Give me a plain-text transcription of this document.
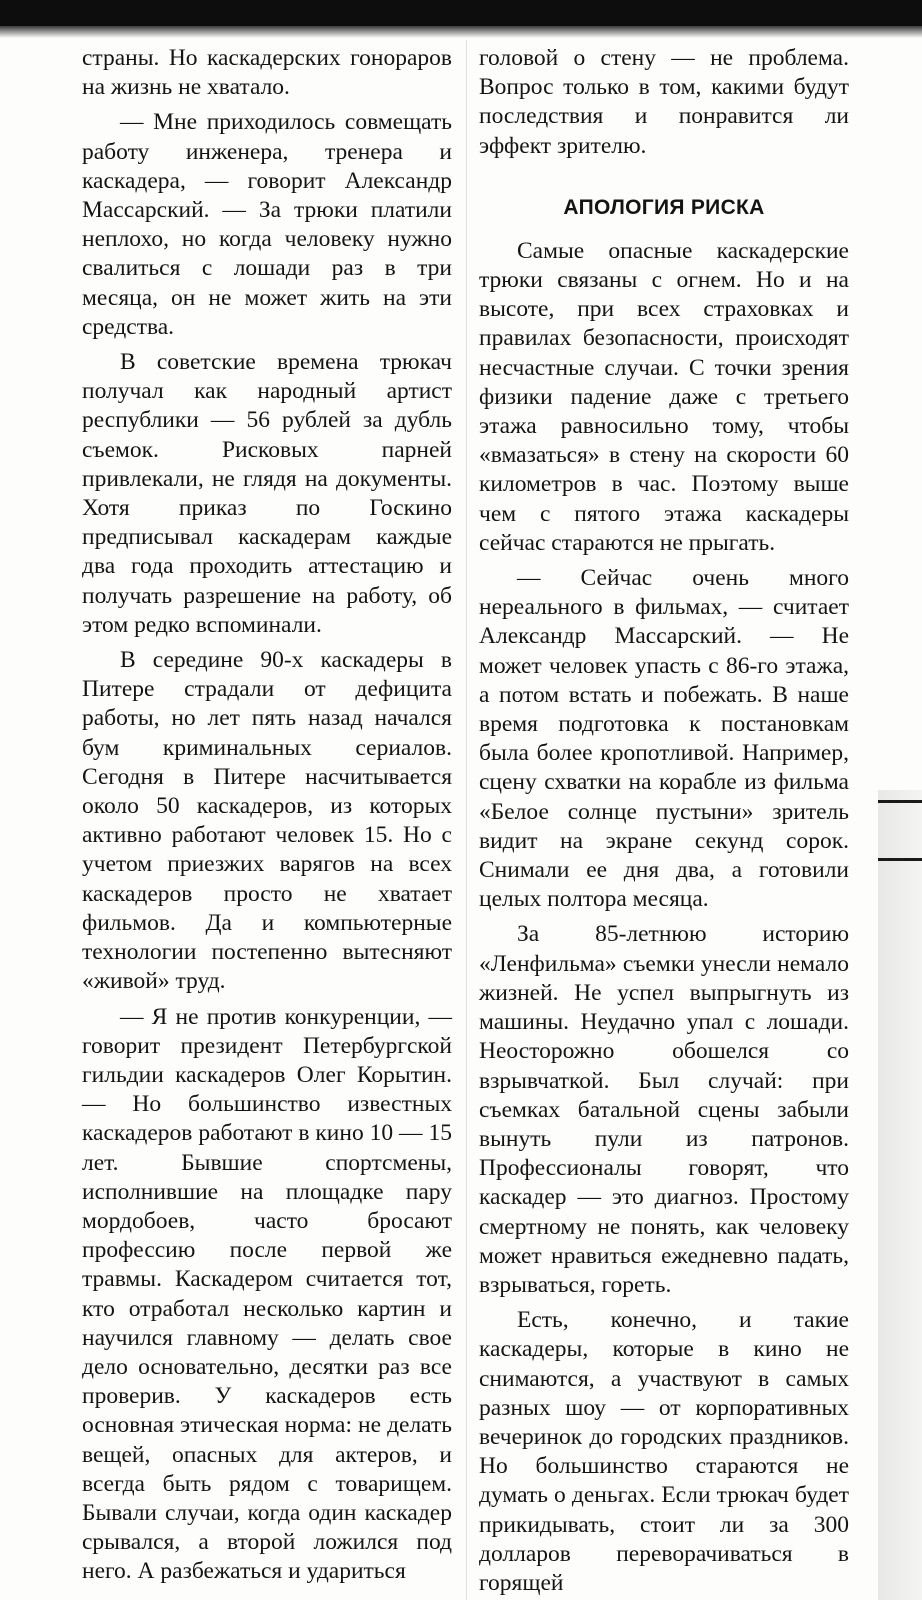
страны. Но каскадерских гонораров на жизнь не хватало.

— Мне приходилось совмещать работу инженера, тренера и каскадера, — говорит Александр Массарский. — За трюки платили неплохо, но когда человеку нужно свалиться с лошади раз в три месяца, он не может жить на эти средства.

В советские времена трюкач получал как народный артист республики — 56 рублей за дубль съемок. Рисковых парней привлекали, не глядя на документы. Хотя приказ по Госкино предписывал каскадерам каждые два года проходить аттестацию и получать разрешение на работу, об этом редко вспоминали.

В середине 90-х каскадеры в Питере страдали от дефицита работы, но лет пять назад начался бум криминальных сериалов. Сегодня в Питере насчитывается около 50 каскадеров, из которых активно работают человек 15. Но с учетом приезжих варягов на всех каскадеров просто не хватает фильмов. Да и компьютерные технологии постепенно вытесняют «живой» труд.

— Я не против конкуренции, — говорит президент Петербургской гильдии каскадеров Олег Корытин. — Но большинство известных каскадеров работают в кино 10 — 15 лет. Бывшие спортсмены, исполнившие на площадке пару мордобоев, часто бросают профессию после первой же травмы. Каскадером считается тот, кто отработал несколько картин и научился главному — делать свое дело основательно, десятки раз все проверив. У каскадеров есть основная этическая норма: не делать вещей, опасных для актеров, и всегда быть рядом с товарищем. Бывали случаи, когда один каскадер срывался, а второй ложился под него. А разбежаться и удариться

головой о стену — не проблема. Вопрос только в том, какими будут последствия и понравится ли эффект зрителю.

АПОЛОГИЯ РИСКА

Самые опасные каскадерские трюки связаны с огнем. Но и на высоте, при всех страховках и правилах безопасности, происходят несчастные случаи. С точки зрения физики падение даже с третьего этажа равносильно тому, чтобы «вмазаться» в стену на скорости 60 километров в час. Поэтому выше чем с пятого этажа каскадеры сейчас стараются не прыгать.

— Сейчас очень много нереального в фильмах, — считает Александр Массарский. — Не может человек упасть с 86-го этажа, а потом встать и побежать. В наше время подготовка к постановкам была более кропотливой. Например, сцену схватки на корабле из фильма «Белое солнце пустыни» зритель видит на экране секунд сорок. Снимали ее дня два, а готовили целых полтора месяца.

За 85-летнюю историю «Ленфильма» съемки унесли немало жизней. Не успел выпрыгнуть из машины. Неудачно упал с лошади. Неосторожно обошелся со взрывчаткой. Был случай: при съемках батальной сцены забыли вынуть пули из патронов. Профессионалы говорят, что каскадер — это диагноз. Простому смертному не понять, как человеку может нравиться ежедневно падать, взрываться, гореть.

Есть, конечно, и такие каскадеры, которые в кино не снимаются, а участвуют в самых разных шоу — от корпоративных вечеринок до городских праздников. Но большинство стараются не думать о деньгах. Если трюкач будет прикидывать, стоит ли за 300 долларов переворачиваться в горящей
